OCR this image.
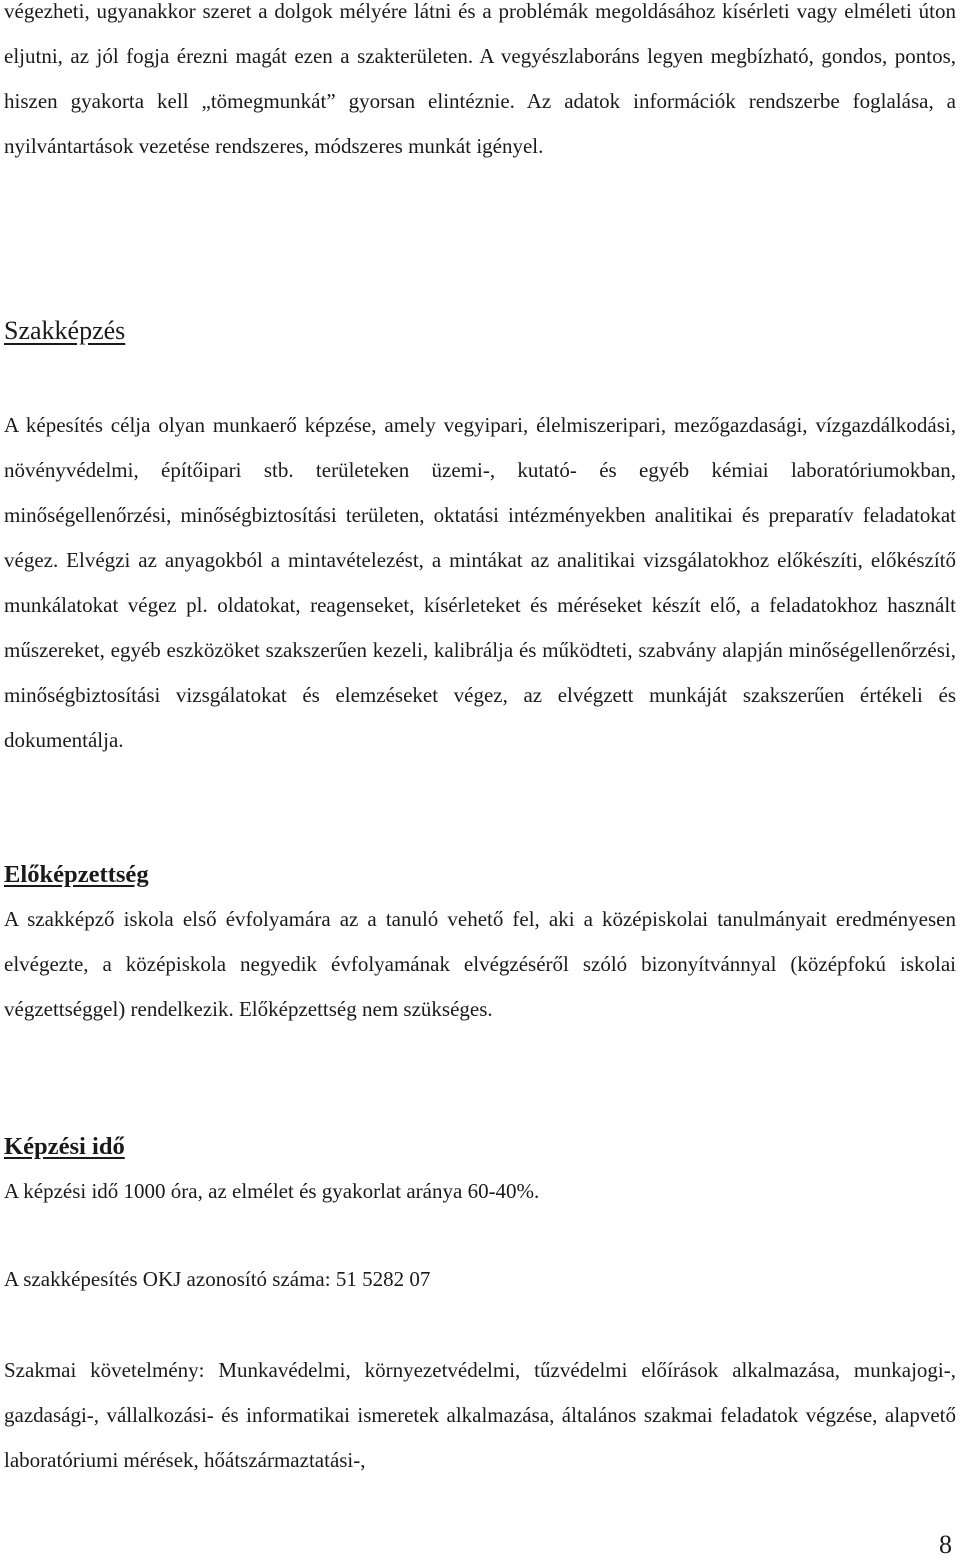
végezheti, ugyanakkor szeret a dolgok mélyére látni és a problémák megoldásához kísérleti vagy elméleti úton eljutni, az jól fogja érezni magát ezen a szakterületen. A vegyészlaboráns legyen megbízható, gondos, pontos, hiszen gyakorta kell „tömegmunkát” gyorsan elintéznie. Az adatok információk rendszerbe foglalása, a nyilvántartások vezetése rendszeres, módszeres munkát igényel.

Szakképzés

A képesítés célja olyan munkaerő képzése, amely vegyipari, élelmiszeripari, mezőgazdasági, vízgazdálkodási, növényvédelmi, építőipari stb. területeken üzemi-, kutató- és egyéb kémiai laboratóriumokban, minőségellenőrzési, minőségbiztosítási területen, oktatási intézményekben analitikai és preparatív feladatokat végez. Elvégzi az anyagokból a mintavételezést, a mintákat az analitikai vizsgálatokhoz előkészíti, előkészítő munkálatokat végez pl. oldatokat, reagenseket, kísérleteket és méréseket készít elő, a feladatokhoz használt műszereket, egyéb eszközöket szakszerűen kezeli, kalibrálja és működteti, szabvány alapján minőségellenőrzési, minőségbiztosítási vizsgálatokat és elemzéseket végez, az elvégzett munkáját szakszerűen értékeli és dokumentálja.

Előképzettség

A szakképző iskola első évfolyamára az a tanuló vehető fel, aki a középiskolai tanulmányait eredményesen elvégezte, a középiskola negyedik évfolyamának elvégzéséről szóló bizonyítvánnyal (középfokú iskolai végzettséggel) rendelkezik. Előképzettség nem szükséges.

Képzési idő

A képzési idő 1000 óra, az elmélet és gyakorlat aránya 60-40%.

A szakképesítés OKJ azonosító száma: 51 5282 07

Szakmai követelmény: Munkavédelmi, környezetvédelmi, tűzvédelmi előírások alkalmazása, munkajogi-, gazdasági-, vállalkozási- és informatikai ismeretek alkalmazása, általános szakmai feladatok végzése, alapvető laboratóriumi mérések, hőátszármaztatási-,

8
